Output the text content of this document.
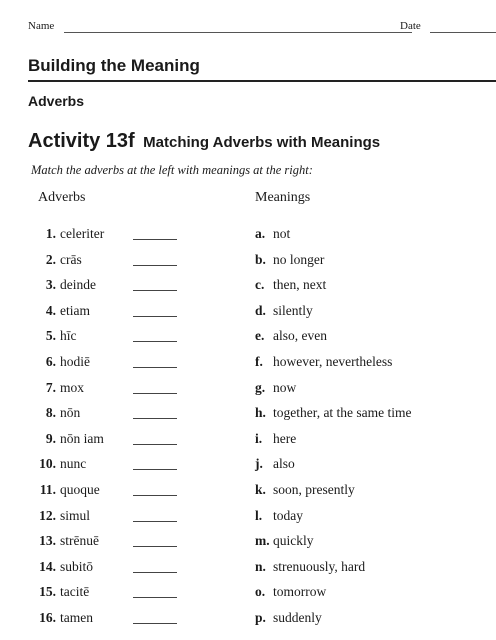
Name	Date
Building the Meaning
Adverbs
Activity 13f Matching Adverbs with Meanings
Match the adverbs at the left with meanings at the right:
Adverbs	Meanings
1. celeriter	a. not
2. crās	b. no longer
3. deinde	c. then, next
4. etiam	d. silently
5. hīc	e. also, even
6. hodiē	f. however, nevertheless
7. mox	g. now
8. nōn	h. together, at the same time
9. nōn iam	i. here
10. nunc	j. also
11. quoque	k. soon, presently
12. simul	l. today
13. strēnuē	m. quickly
14. subitō	n. strenuously, hard
15. tacitē	o. tomorrow
16. tamen	p. suddenly
